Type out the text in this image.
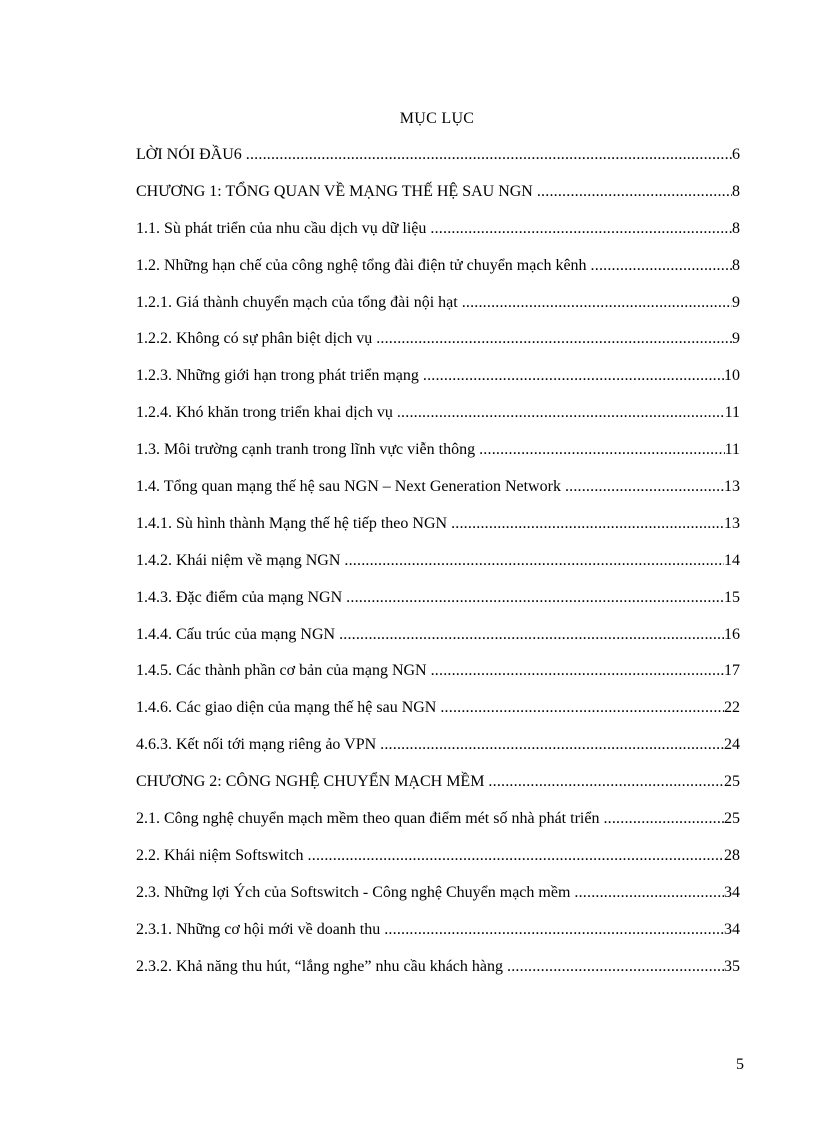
MỤC LỤC
LỜI NÓI ĐẦU6 .....	6
CHƯƠNG 1: TỔNG QUAN VỀ MẠNG THẾ HỆ SAU NGN .....	8
1.1. Sù phát triển của nhu cầu dịch vụ dữ liệu .....	8
1.2. Những hạn chế của công nghệ tổng đài điện tử chuyển mạch kênh .....	8
1.2.1. Giá thành chuyển mạch của tổng đài nội hạt .....	9
1.2.2. Không có sự phân biệt dịch vụ .....	9
1.2.3. Những giới hạn trong phát triển mạng .....	10
1.2.4. Khó khăn trong triển khai dịch vụ .....	11
1.3. Môi trường cạnh tranh trong lĩnh vực viễn thông .....	11
1.4. Tổng quan mạng thế hệ sau NGN – Next Generation Network .....	13
1.4.1. Sù hình thành Mạng thế hệ tiếp theo NGN .....	13
1.4.2. Khái niệm về mạng NGN .....	14
1.4.3. Đặc điểm của mạng NGN .....	15
1.4.4. Cấu trúc của mạng NGN .....	16
1.4.5. Các thành phần cơ bản của mạng NGN .....	17
1.4.6. Các giao diện của mạng thế hệ sau NGN .....	22
4.6.3. Kết nối tới mạng riêng ảo VPN .....	24
CHƯƠNG 2: CÔNG NGHỆ CHUYỂN MẠCH MỀM .....	25
2.1. Công nghệ chuyển mạch mềm theo quan điểm mét số nhà phát triển .....	25
2.2. Khái niệm Softswitch .....	28
2.3. Những lợi Ých của Softswitch - Công nghệ Chuyển mạch mềm .....	34
2.3.1. Những cơ hội mới về doanh thu .....	34
2.3.2. Khả năng thu hút, “lắng nghe” nhu cầu khách hàng .....	35
5
